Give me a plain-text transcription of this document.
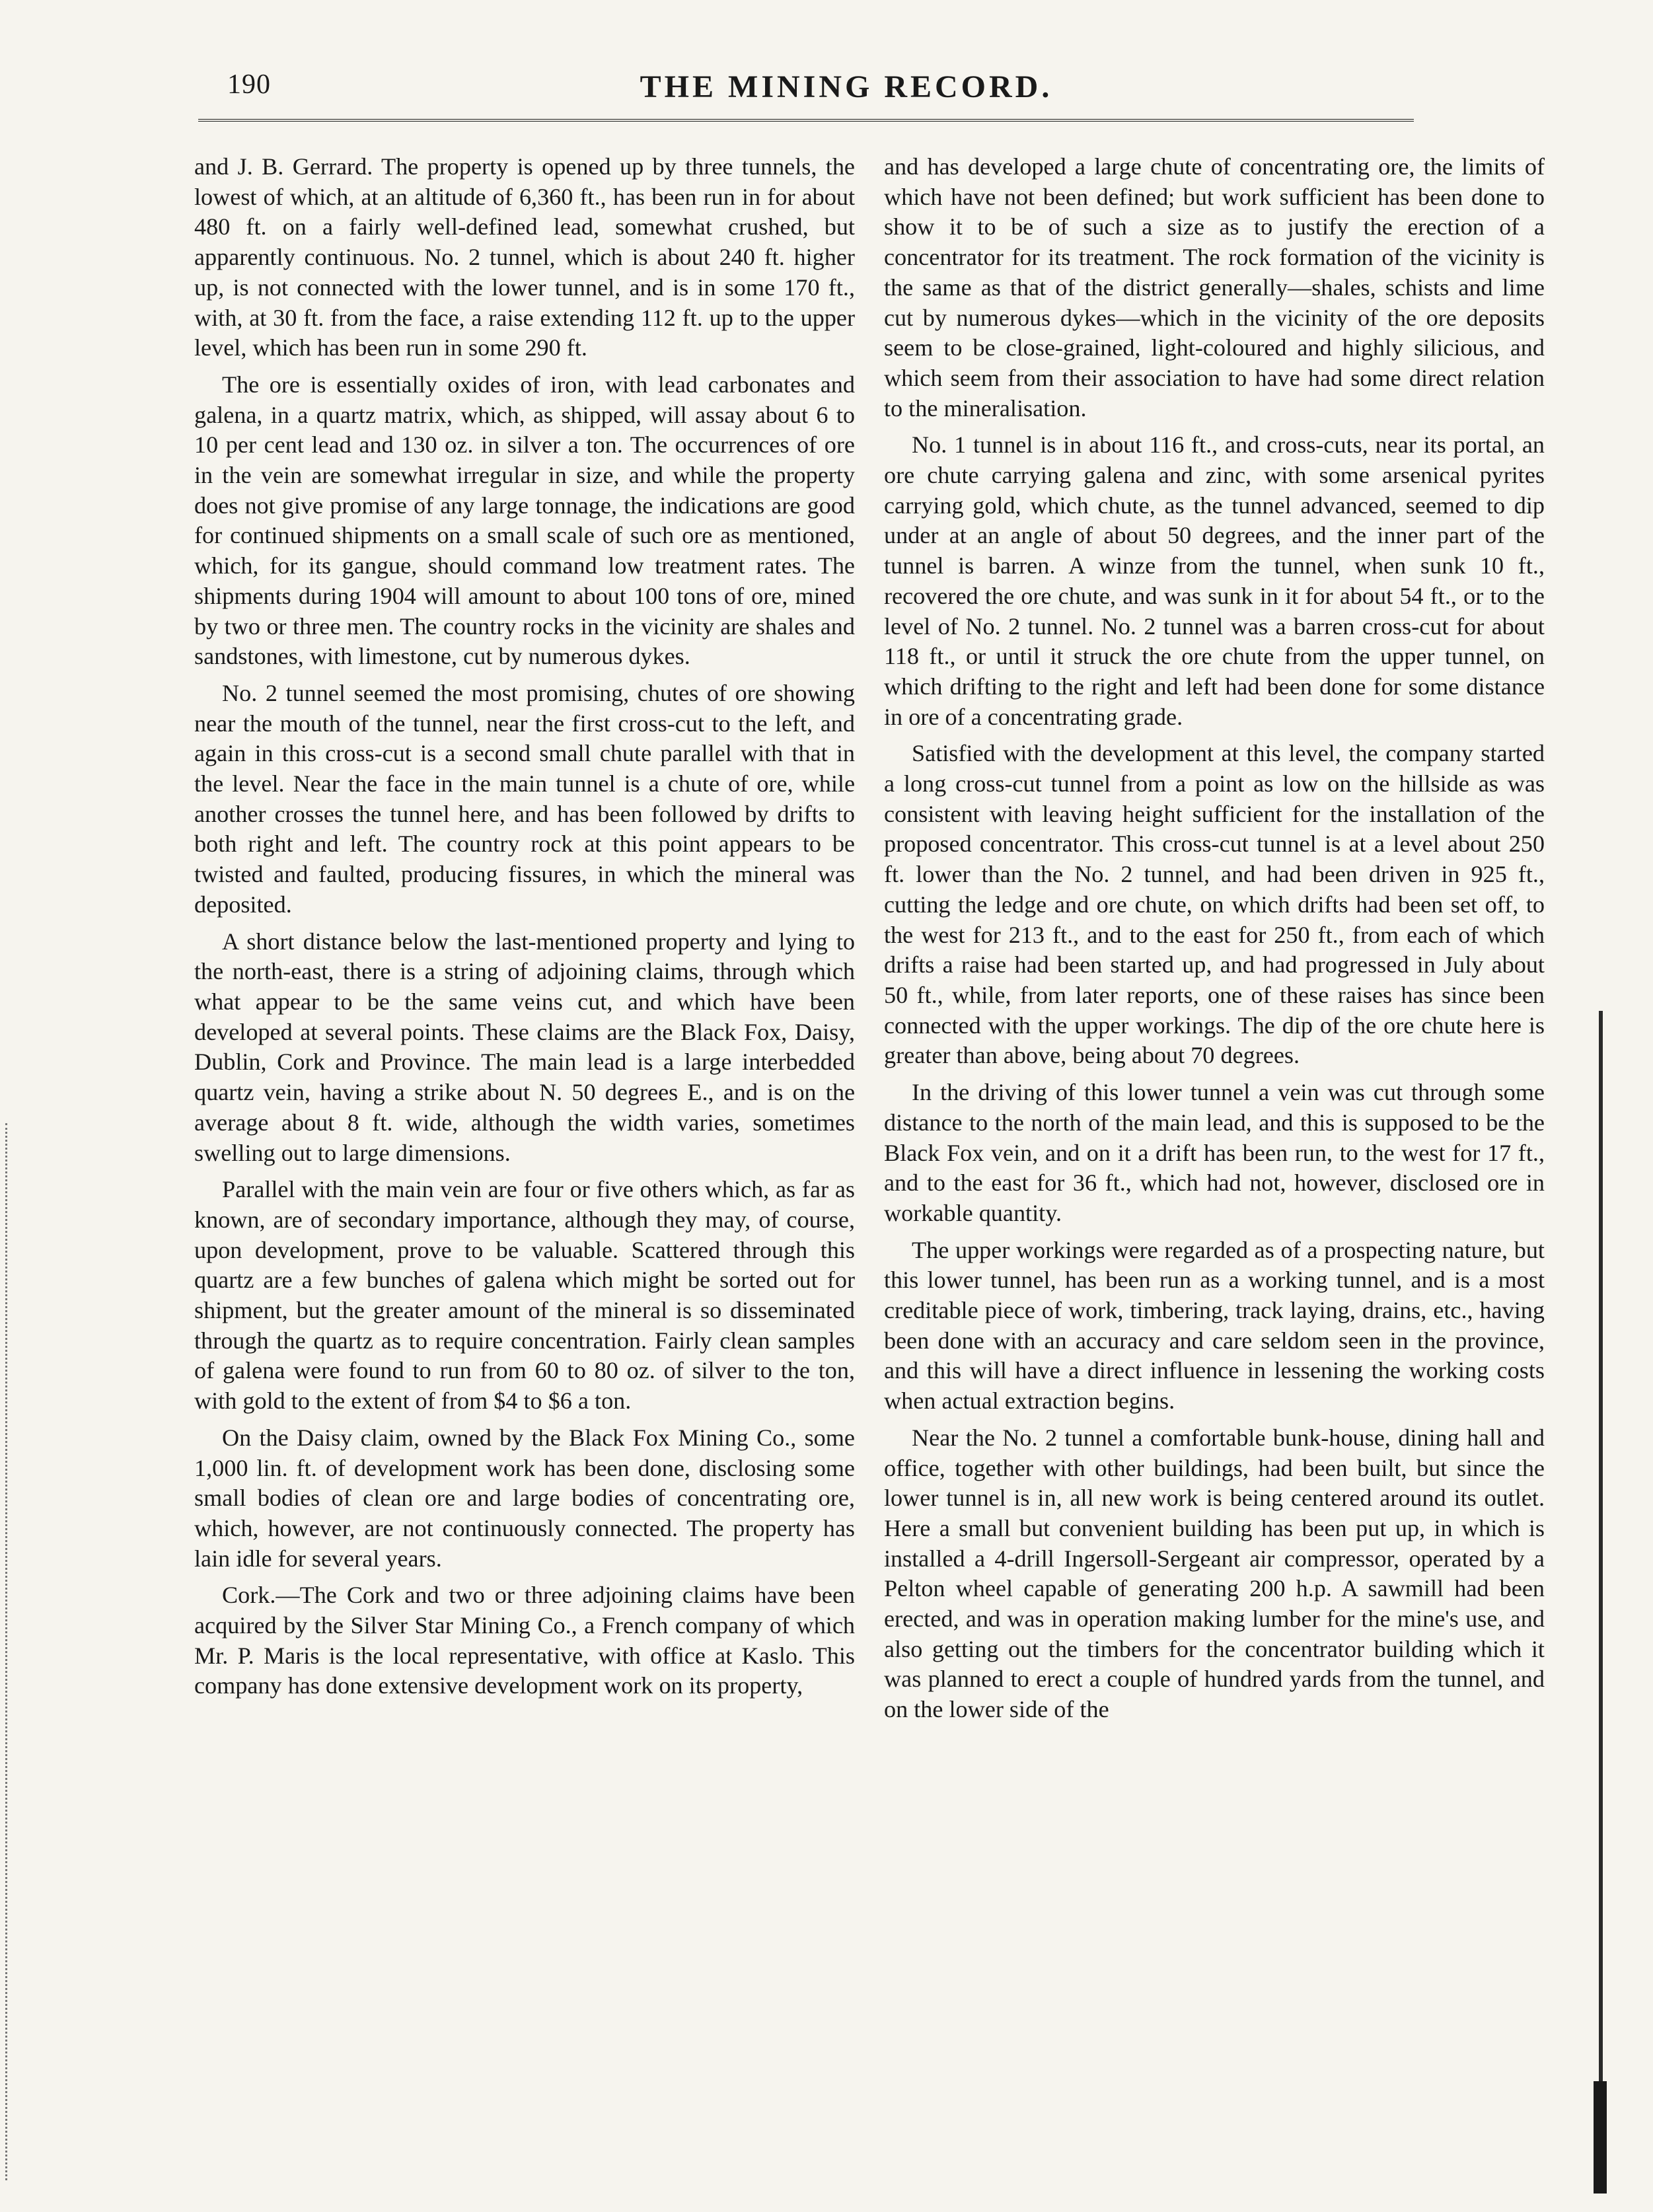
190	THE MINING RECORD.

and J. B. Gerrard. The property is opened up by three tunnels, the lowest of which, at an altitude of 6,360 ft., has been run in for about 480 ft. on a fairly well-defined lead, somewhat crushed, but apparently continuous. No. 2 tunnel, which is about 240 ft. higher up, is not connected with the lower tunnel, and is in some 170 ft., with, at 30 ft. from the face, a raise extending 112 ft. up to the upper level, which has been run in some 290 ft.

The ore is essentially oxides of iron, with lead carbonates and galena, in a quartz matrix, which, as shipped, will assay about 6 to 10 per cent lead and 130 oz. in silver a ton. The occurrences of ore in the vein are somewhat irregular in size, and while the property does not give promise of any large tonnage, the indications are good for continued shipments on a small scale of such ore as mentioned, which, for its gangue, should command low treatment rates. The shipments during 1904 will amount to about 100 tons of ore, mined by two or three men. The country rocks in the vicinity are shales and sandstones, with limestone, cut by numerous dykes.

No. 2 tunnel seemed the most promising, chutes of ore showing near the mouth of the tunnel, near the first cross-cut to the left, and again in this cross-cut is a second small chute parallel with that in the level. Near the face in the main tunnel is a chute of ore, while another crosses the tunnel here, and has been followed by drifts to both right and left. The country rock at this point appears to be twisted and faulted, producing fissures, in which the mineral was deposited.

A short distance below the last-mentioned property and lying to the north-east, there is a string of adjoining claims, through which what appear to be the same veins cut, and which have been developed at several points. These claims are the Black Fox, Daisy, Dublin, Cork and Province. The main lead is a large interbedded quartz vein, having a strike about N. 50 degrees E., and is on the average about 8 ft. wide, although the width varies, sometimes swelling out to large dimensions.

Parallel with the main vein are four or five others which, as far as known, are of secondary importance, although they may, of course, upon development, prove to be valuable. Scattered through this quartz are a few bunches of galena which might be sorted out for shipment, but the greater amount of the mineral is so disseminated through the quartz as to require concentration. Fairly clean samples of galena were found to run from 60 to 80 oz. of silver to the ton, with gold to the extent of from $4 to $6 a ton.

On the Daisy claim, owned by the Black Fox Mining Co., some 1,000 lin. ft. of development work has been done, disclosing some small bodies of clean ore and large bodies of concentrating ore, which, however, are not continuously connected. The property has lain idle for several years.

Cork.—The Cork and two or three adjoining claims have been acquired by the Silver Star Mining Co., a French company of which Mr. P. Maris is the local representative, with office at Kaslo. This company has done extensive development work on its property,

and has developed a large chute of concentrating ore, the limits of which have not been defined; but work sufficient has been done to show it to be of such a size as to justify the erection of a concentrator for its treatment. The rock formation of the vicinity is the same as that of the district generally—shales, schists and lime cut by numerous dykes—which in the vicinity of the ore deposits seem to be close-grained, light-coloured and highly silicious, and which seem from their association to have had some direct relation to the mineralisation.

No. 1 tunnel is in about 116 ft., and cross-cuts, near its portal, an ore chute carrying galena and zinc, with some arsenical pyrites carrying gold, which chute, as the tunnel advanced, seemed to dip under at an angle of about 50 degrees, and the inner part of the tunnel is barren. A winze from the tunnel, when sunk 10 ft., recovered the ore chute, and was sunk in it for about 54 ft., or to the level of No. 2 tunnel. No. 2 tunnel was a barren cross-cut for about 118 ft., or until it struck the ore chute from the upper tunnel, on which drifting to the right and left had been done for some distance in ore of a concentrating grade.

Satisfied with the development at this level, the company started a long cross-cut tunnel from a point as low on the hillside as was consistent with leaving height sufficient for the installation of the proposed concentrator. This cross-cut tunnel is at a level about 250 ft. lower than the No. 2 tunnel, and had been driven in 925 ft., cutting the ledge and ore chute, on which drifts had been set off, to the west for 213 ft., and to the east for 250 ft., from each of which drifts a raise had been started up, and had progressed in July about 50 ft., while, from later reports, one of these raises has since been connected with the upper workings. The dip of the ore chute here is greater than above, being about 70 degrees.

In the driving of this lower tunnel a vein was cut through some distance to the north of the main lead, and this is supposed to be the Black Fox vein, and on it a drift has been run, to the west for 17 ft., and to the east for 36 ft., which had not, however, disclosed ore in workable quantity.

The upper workings were regarded as of a prospecting nature, but this lower tunnel, has been run as a working tunnel, and is a most creditable piece of work, timbering, track laying, drains, etc., having been done with an accuracy and care seldom seen in the province, and this will have a direct influence in lessening the working costs when actual extraction begins.

Near the No. 2 tunnel a comfortable bunk-house, dining hall and office, together with other buildings, had been built, but since the lower tunnel is in, all new work is being centered around its outlet. Here a small but convenient building has been put up, in which is installed a 4-drill Ingersoll-Sergeant air compressor, operated by a Pelton wheel capable of generating 200 h.p. A sawmill had been erected, and was in operation making lumber for the mine's use, and also getting out the timbers for the concentrator building which it was planned to erect a couple of hundred yards from the tunnel, and on the lower side of the
